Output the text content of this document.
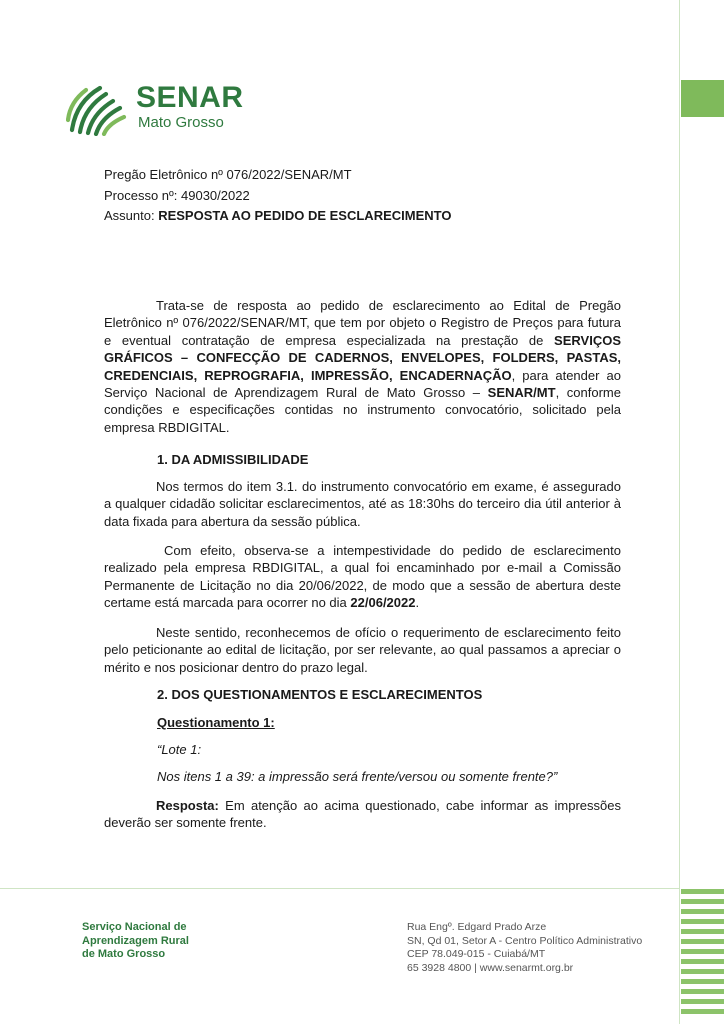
SENAR
Mato Grosso
Pregão Eletrônico nº 076/2022/SENAR/MT
Processo nº: 49030/2022
Assunto: RESPOSTA AO PEDIDO DE ESCLARECIMENTO
Trata-se de resposta ao pedido de esclarecimento ao Edital de Pregão Eletrônico nº 076/2022/SENAR/MT, que tem por objeto o Registro de Preços para futura e eventual contratação de empresa especializada na prestação de SERVIÇOS GRÁFICOS – CONFECÇÃO DE CADERNOS, ENVELOPES, FOLDERS, PASTAS, CREDENCIAIS, REPROGRAFIA, IMPRESSÃO, ENCADERNAÇÃO, para atender ao Serviço Nacional de Aprendizagem Rural de Mato Grosso – SENAR/MT, conforme condições e especificações contidas no instrumento convocatório, solicitado pela empresa RBDIGITAL.
1. DA ADMISSIBILIDADE
Nos termos do item 3.1. do instrumento convocatório em exame, é assegurado a qualquer cidadão solicitar esclarecimentos, até as 18:30hs do terceiro dia útil anterior à data fixada para abertura da sessão pública.
Com efeito, observa-se a intempestividade do pedido de esclarecimento realizado pela empresa RBDIGITAL, a qual foi encaminhado por e-mail a Comissão Permanente de Licitação no dia 20/06/2022, de modo que a sessão de abertura deste certame está marcada para ocorrer no dia 22/06/2022.
Neste sentido, reconhecemos de ofício o requerimento de esclarecimento feito pelo peticionante ao edital de licitação, por ser relevante, ao qual passamos a apreciar o mérito e nos posicionar dentro do prazo legal.
2. DOS QUESTIONAMENTOS E ESCLARECIMENTOS
Questionamento 1:
“Lote 1:
Nos itens 1 a 39: a impressão será frente/versou ou somente frente?”
Resposta: Em atenção ao acima questionado, cabe informar as impressões deverão ser somente frente.
Serviço Nacional de
Aprendizagem Rural
de Mato Grosso
Rua Engº. Edgard Prado Arze
SN, Qd 01, Setor A - Centro Político Administrativo
CEP 78.049-015 - Cuiabá/MT
65 3928 4800 | www.senarmt.org.br
